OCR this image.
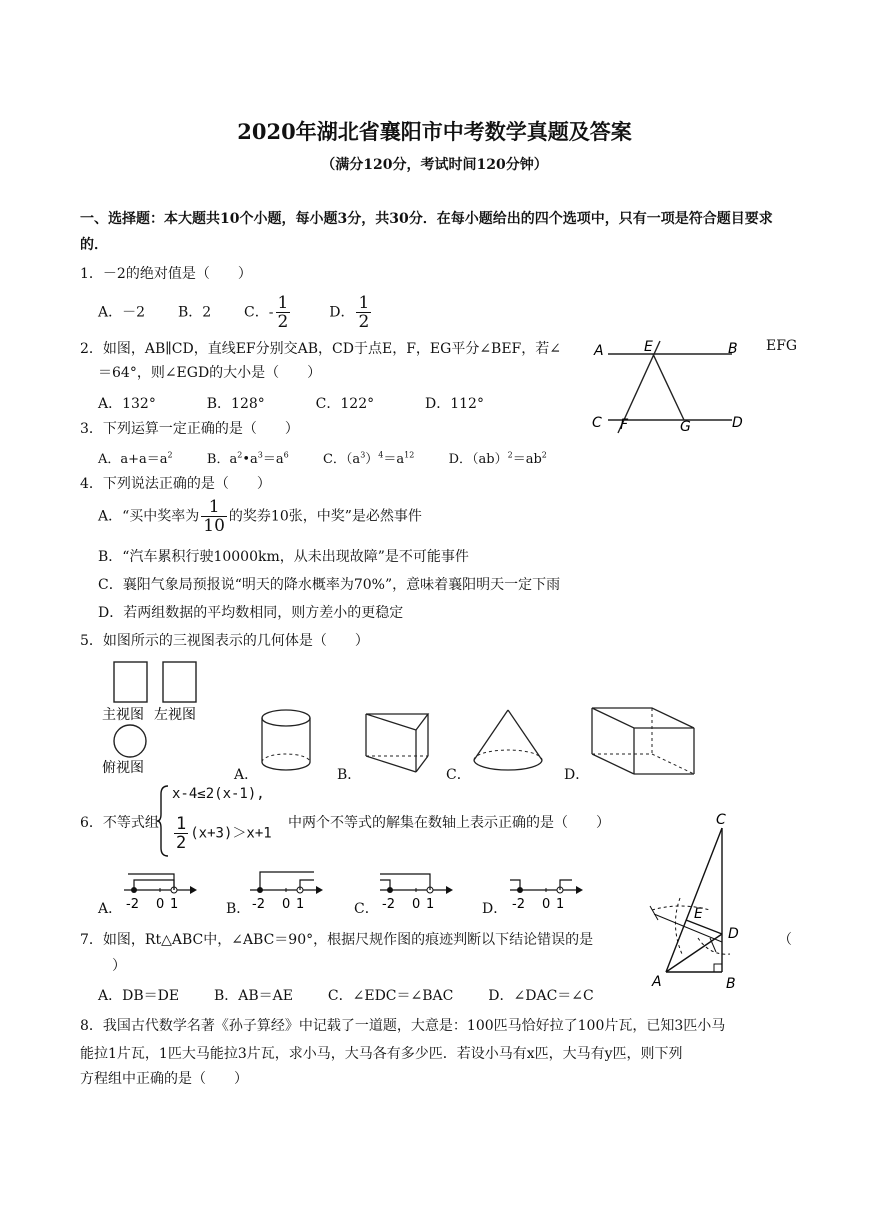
2020年湖北省襄阳市中考数学真题及答案
（满分120分，考试时间120分钟）
一、选择题：本大题共10个小题，每小题3分，共30分．在每小题给出的四个选项中，只有一项是符合题目要求的．
1．－2的绝对值是（　　）
A．－2 B．2 C．- $\frac{1}{2}$	D． $\frac{1}{2}$
2．如图，AB∥CD，直线EF分别交AB，CD于点E，F，EG平分∠BEF，若∠	EFG
＝64°，则∠EGD的大小是（　　）
A．132°	B．128°	C．122°	D．112°
A	E	B
C F	G	D
3．下列运算一定正确的是（　　）
A．$a+a=a^2$	B．$a^2•a^3=a^6$	C．$(a^3)^4=a^{12}$	D．$(ab)^2=ab^2$
4．下列说法正确的是（　　）
A．“买中奖率为 $\frac{1}{10}$ 的奖券10张，中奖”是必然事件
B．“汽车累积行驶10000km，从未出现故障”是不可能事件
C．襄阳气象局预报说“明天的降水概率为70%”，意味着襄阳明天一定下雨
D．若两组数据的平均数相同，则方差小的更稳定
5．如图所示的三视图表示的几何体是（　　）
主视图 左视图
俯视图	A．	B．	C．	D．
6．不等式组
x-4≤2(x-1),
$\frac{1}{2} (x+3)>x+1$
中两个不等式的解集在数轴上表示正确的是（　　）
A． -2 0 1	B． -2 0 1	C． -2 0 1	D． -2 0 1
7．如图，Rt△ABC中，∠ABC＝90°，根据尺规作图的痕迹判断以下结论错误的是	（
）
A．DB＝DE B．AB＝AE C．∠EDC＝∠BAC D．∠DAC＝∠C
C
E
D
A	B
8．我国古代数学名著《孙子算经》中记载了一道题，大意是：100匹马恰好拉了100片瓦，已知3匹小马
能拉1片瓦，1匹大马能拉3片瓦，求小马，大马各有多少匹．若设小马有x匹，大马有y匹，则下列
方程组中正确的是（　　）
